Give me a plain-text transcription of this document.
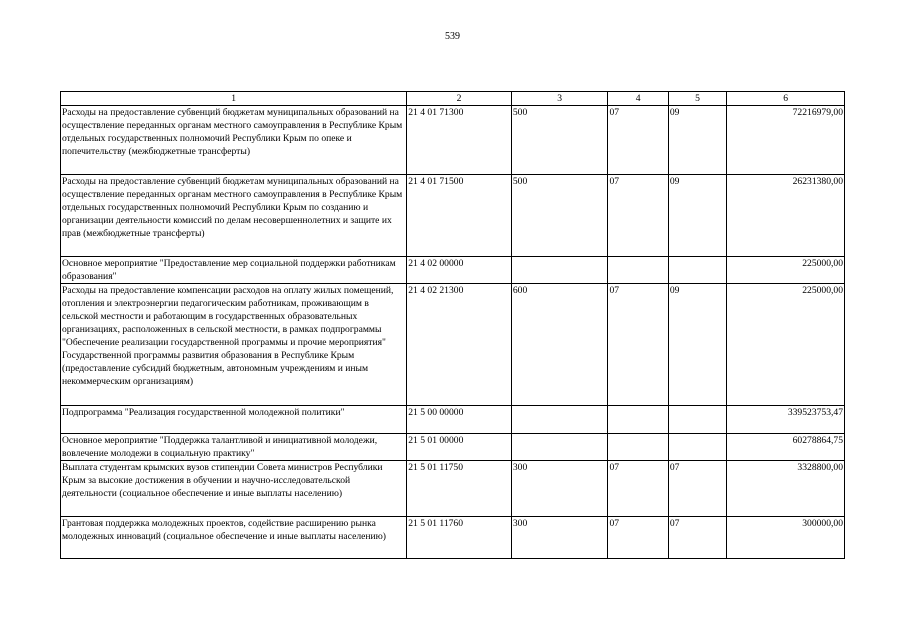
539
1	2	3	4	5	6
Расходы на предоставление субвенций бюджетам муниципальных образований на осуществление переданных органам местного самоуправления в Республике Крым отдельных государственных полномочий Республики Крым по опеке и попечительству (межбюджетные трансферты)	21 4 01 71300	500	07	09	72216979,00
Расходы на предоставление субвенций бюджетам муниципальных образований на осуществление переданных органам местного самоуправления в Республике Крым отдельных государственных полномочий Республики Крым по созданию и организации деятельности комиссий по делам несовершеннолетних и защите их прав (межбюджетные трансферты)	21 4 01 71500	500	07	09	26231380,00
Основное мероприятие "Предоставление мер социальной поддержки работникам образования"	21 4 02 00000				225000,00
Расходы на предоставление компенсации расходов на оплату жилых помещений, отопления и электроэнергии педагогическим работникам, проживающим в сельской местности и работающим в государственных образовательных организациях, расположенных в сельской местности, в рамках подпрограммы "Обеспечение реализации государственной программы и прочие мероприятия" Государственной программы развития образования в Республике Крым (предоставление субсидий бюджетным, автономным учреждениям и иным некоммерческим организациям)	21 4 02 21300	600	07	09	225000,00
Подпрограмма "Реализация государственной молодежной политики"	21 5 00 00000				339523753,47
Основное мероприятие "Поддержка талантливой и инициативной молодежи, вовлечение молодежи в социальную практику"	21 5 01 00000				60278864,75
Выплата студентам крымских вузов стипендии Совета министров Республики Крым за высокие достижения в обучении и научно-исследовательской деятельности (социальное обеспечение и иные выплаты населению)	21 5 01 11750	300	07	07	3328800,00
Грантовая поддержка молодежных проектов, содействие расширению рынка молодежных инноваций (социальное обеспечение и иные выплаты населению)	21 5 01 11760	300	07	07	300000,00
